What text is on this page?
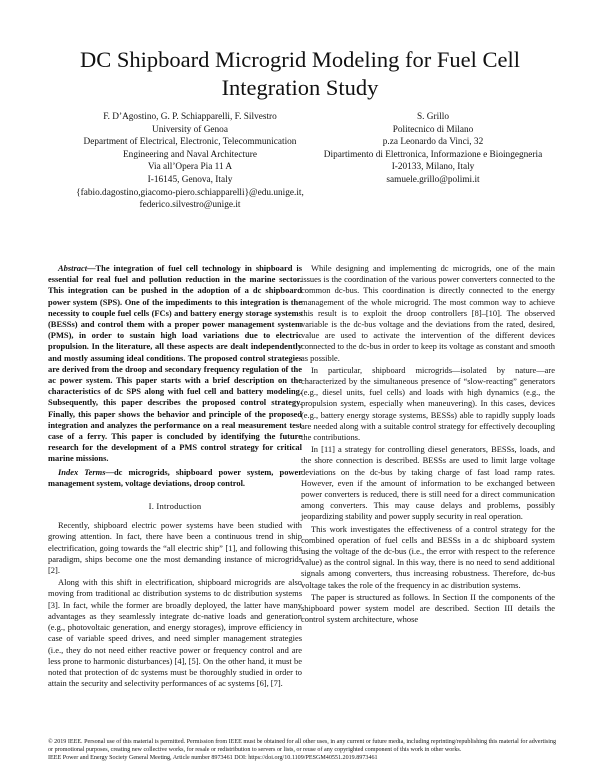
DC Shipboard Microgrid Modeling for Fuel Cell
Integration Study
F. D’Agostino, G. P. Schiapparelli, F. Silvestro
University of Genoa
Department of Electrical, Electronic, Telecommunication
Engineering and Naval Architecture
Via all’Opera Pia 11 A
I-16145, Genova, Italy
{fabio.dagostino,giacomo-piero.schiapparelli}@edu.unige.it,
federico.silvestro@unige.it
S. Grillo
Politecnico di Milano
p.za Leonardo da Vinci, 32
Dipartimento di Elettronica, Informazione e Bioingegneria
I-20133, Milano, Italy
samuele.grillo@polimi.it

Abstract—The integration of fuel cell technology in shipboard is essential for real fuel and pollution reduction in the marine sector. This integration can be pushed in the adoption of a dc shipboard power system (SPS). One of the impediments to this integration is the necessity to couple fuel cells (FCs) and battery energy storage systems (BESSs) and control them with a proper power management system (PMS), in order to sustain high load variations due to electric propulsion. In the literature, all these aspects are dealt independently and mostly assuming ideal conditions. The proposed control strategies are derived from the droop and secondary frequency regulation of the ac power system. This paper starts with a brief description on the characteristics of dc SPS along with fuel cell and battery modeling. Subsequently, this paper describes the proposed control strategy. Finally, this paper shows the behavior and principle of the proposed integration and analyzes the performance on a real measurement test case of a ferry. This paper is concluded by identifying the future research for the development of a PMS control strategy for critical marine missions.

Index Terms—dc microgrids, shipboard power system, power management system, voltage deviations, droop control.

I. Introduction

Recently, shipboard electric power systems have been studied with growing attention. In fact, there have been a continuous trend in ship electrification, going towards the “all electric ship” [1], and following this paradigm, ships become one the most demanding instance of microgrids [2].

Along with this shift in electrification, shipboard microgrids are also moving from traditional ac distribution systems to dc distribution systems [3]. In fact, while the former are broadly deployed, the latter have many advantages as they seamlessly integrate dc-native loads and generation (e.g., photovoltaic generation, and energy storages), improve efficiency in case of variable speed drives, and need simpler management strategies (i.e., they do not need either reactive power or frequency control and are less prone to harmonic disturbances) [4], [5]. On the other hand, it must be noted that protection of dc systems must be thoroughly studied in order to attain the security and selectivity performances of ac systems [6], [7].

While designing and implementing dc microgrids, one of the main issues is the coordination of the various power converters connected to the common dc-bus. This coordination is directly connected to the energy management of the whole microgrid. The most common way to achieve this result is to exploit the droop controllers [8]–[10]. The observed variable is the dc-bus voltage and the deviations from the rated, desired, value are used to activate the intervention of the different devices connected to the dc-bus in order to keep its voltage as constant and smooth as possible.

In particular, shipboard microgrids—isolated by nature—are characterized by the simultaneous presence of “slow-reacting” generators (e.g., diesel units, fuel cells) and loads with high dynamics (e.g., the propulsion system, especially when maneuvering). In this cases, devices (e.g., battery energy storage systems, BESSs) able to rapidly supply loads are needed along with a suitable control strategy for effectively decoupling the contributions.

In [11] a strategy for controlling diesel generators, BESSs, loads, and the shore connection is described. BESSs are used to limit large voltage deviations on the dc-bus by taking charge of fast load ramp rates. However, even if the amount of information to be exchanged between power converters is reduced, there is still need for a direct communication among converters. This may cause delays and problems, possibly jeopardizing stability and power supply security in real operation.

This work investigates the effectiveness of a control strategy for the combined operation of fuel cells and BESSs in a dc shipboard system using the voltage of the dc-bus (i.e., the error with respect to the reference value) as the control signal. In this way, there is no need to send additional signals among converters, thus increasing robustness. Therefore, dc-bus voltage takes the role of the frequency in ac distribution systems.

The paper is structured as follows. In Section II the components of the shipboard power system model are described. Section III details the control system architecture, whose

© 2019 IEEE. Personal use of this material is permitted. Permission from IEEE must be obtained for all other uses, in any current or future media, including reprinting/republishing this material for advertising or promotional purposes, creating new collective works, for resale or redistribution to servers or lists, or reuse of any copyrighted component of this work in other works.

IEEE Power and Energy Society General Meeting, Article number 8973461 DOI: https://doi.org/10.1109/PESGM40551.2019.8973461
